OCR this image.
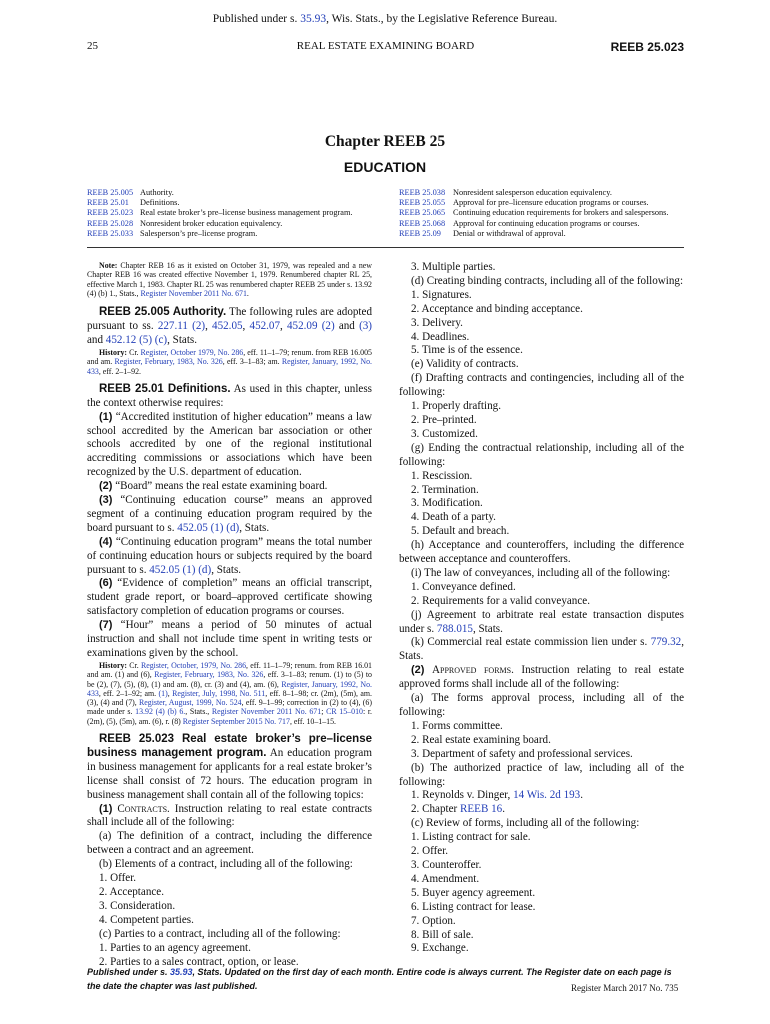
Published under s. 35.93, Wis. Stats., by the Legislative Reference Bureau.
25	REAL ESTATE EXAMINING BOARD	REEB 25.023
Chapter REEB 25
EDUCATION
REEB 25.005 Authority.
REEB 25.01 Definitions.
REEB 25.023 Real estate broker’s pre–license business management program.
REEB 25.028 Nonresident broker education equivalency.
REEB 25.033 Salesperson’s pre–license program.
REEB 25.038 Nonresident salesperson education equivalency.
REEB 25.055 Approval for pre–licensure education programs or courses.
REEB 25.065 Continuing education requirements for brokers and salespersons.
REEB 25.068 Approval for continuing education programs or courses.
REEB 25.09 Denial or withdrawal of approval.

Note: Chapter REB 16 as it existed on October 31, 1979, was repealed and a new Chapter REB 16 was created effective November 1, 1979. Renumbered chapter RL 25, effective March 1, 1983. Chapter RL 25 was renumbered chapter REEB 25 under s. 13.92 (4) (b) 1., Stats., Register November 2011 No. 671.

REEB 25.005 Authority. The following rules are adopted pursuant to ss. 227.11 (2), 452.05, 452.07, 452.09 (2) and (3) and 452.12 (5) (c), Stats.

History: Cr. Register, October 1979, No. 286, eff. 11–1–79; renum. from REB 16.005 and am. Register, February, 1983, No. 326, eff. 3–1–83; am. Register, January, 1992, No. 433, eff. 2–1–92.

REEB 25.01 Definitions. As used in this chapter, unless the context otherwise requires:

(1) “Accredited institution of higher education” means a law school accredited by the American bar association or other schools accredited by one of the regional institutional accrediting commissions or associations which have been recognized by the U.S. department of education.

(2) “Board” means the real estate examining board.

(3) “Continuing education course” means an approved segment of a continuing education program required by the board pursuant to s. 452.05 (1) (d), Stats.

(4) “Continuing education program” means the total number of continuing education hours or subjects required by the board pursuant to s. 452.05 (1) (d), Stats.

(6) “Evidence of completion” means an official transcript, student grade report, or board–approved certificate showing satisfactory completion of education programs or courses.

(7) “Hour” means a period of 50 minutes of actual instruction and shall not include time spent in writing tests or examinations given by the school.

History: Cr. Register, October, 1979, No. 286, eff. 11–1–79; renum. from REB 16.01 and am. (1) and (6), Register, February, 1983, No. 326, eff. 3–1–83; renum. (1) to (5) to be (2), (7), (5), (8), (1) and am. (8), cr. (3) and (4), am. (6), Register, January, 1992, No. 433, eff. 2–1–92; am. (1), Register, July, 1998, No. 511, eff. 8–1–98; cr. (2m), (5m), am. (3), (4) and (7), Register, August, 1999, No. 524, eff. 9–1–99; correction in (2) to (4), (6) made under s. 13.92 (4) (b) 6., Stats., Register November 2011 No. 671; CR 15–010: r. (2m), (5), (5m), am. (6), r. (8) Register September 2015 No. 717, eff. 10–1–15.

REEB 25.023 Real estate broker’s pre–license business management program. An education program in business management for applicants for a real estate broker’s license shall consist of 72 hours. The education program in business management shall contain all of the following topics:

(1) Contracts. Instruction relating to real estate contracts shall include all of the following:

(a) The definition of a contract, including the difference between a contract and an agreement.

(b) Elements of a contract, including all of the following:

1. Offer.

2. Acceptance.

3. Consideration.

4. Competent parties.

(c) Parties to a contract, including all of the following:

1. Parties to an agency agreement.

2. Parties to a sales contract, option, or lease.

3. Multiple parties.

(d) Creating binding contracts, including all of the following:

1. Signatures.

2. Acceptance and binding acceptance.

3. Delivery.

4. Deadlines.

5. Time is of the essence.

(e) Validity of contracts.

(f) Drafting contracts and contingencies, including all of the following:

1. Properly drafting.

2. Pre–printed.

3. Customized.

(g) Ending the contractual relationship, including all of the following:

1. Rescission.

2. Termination.

3. Modification.

4. Death of a party.

5. Default and breach.

(h) Acceptance and counteroffers, including the difference between acceptance and counteroffers.

(i) The law of conveyances, including all of the following:

1. Conveyance defined.

2. Requirements for a valid conveyance.

(j) Agreement to arbitrate real estate transaction disputes under s. 788.015, Stats.

(k) Commercial real estate commission lien under s. 779.32, Stats.

(2) Approved forms. Instruction relating to real estate approved forms shall include all of the following:

(a) The forms approval process, including all of the following:

1. Forms committee.

2. Real estate examining board.

3. Department of safety and professional services.

(b) The authorized practice of law, including all of the following:

1. Reynolds v. Dinger, 14 Wis. 2d 193.

2. Chapter REEB 16.

(c) Review of forms, including all of the following:

1. Listing contract for sale.

2. Offer.

3. Counteroffer.

4. Amendment.

5. Buyer agency agreement.

6. Listing contract for lease.

7. Option.

8. Bill of sale.

9. Exchange.

Published under s. 35.93, Stats. Updated on the first day of each month. Entire code is always current. The Register date on each page is the date the chapter was last published.	Register March 2017 No. 735
